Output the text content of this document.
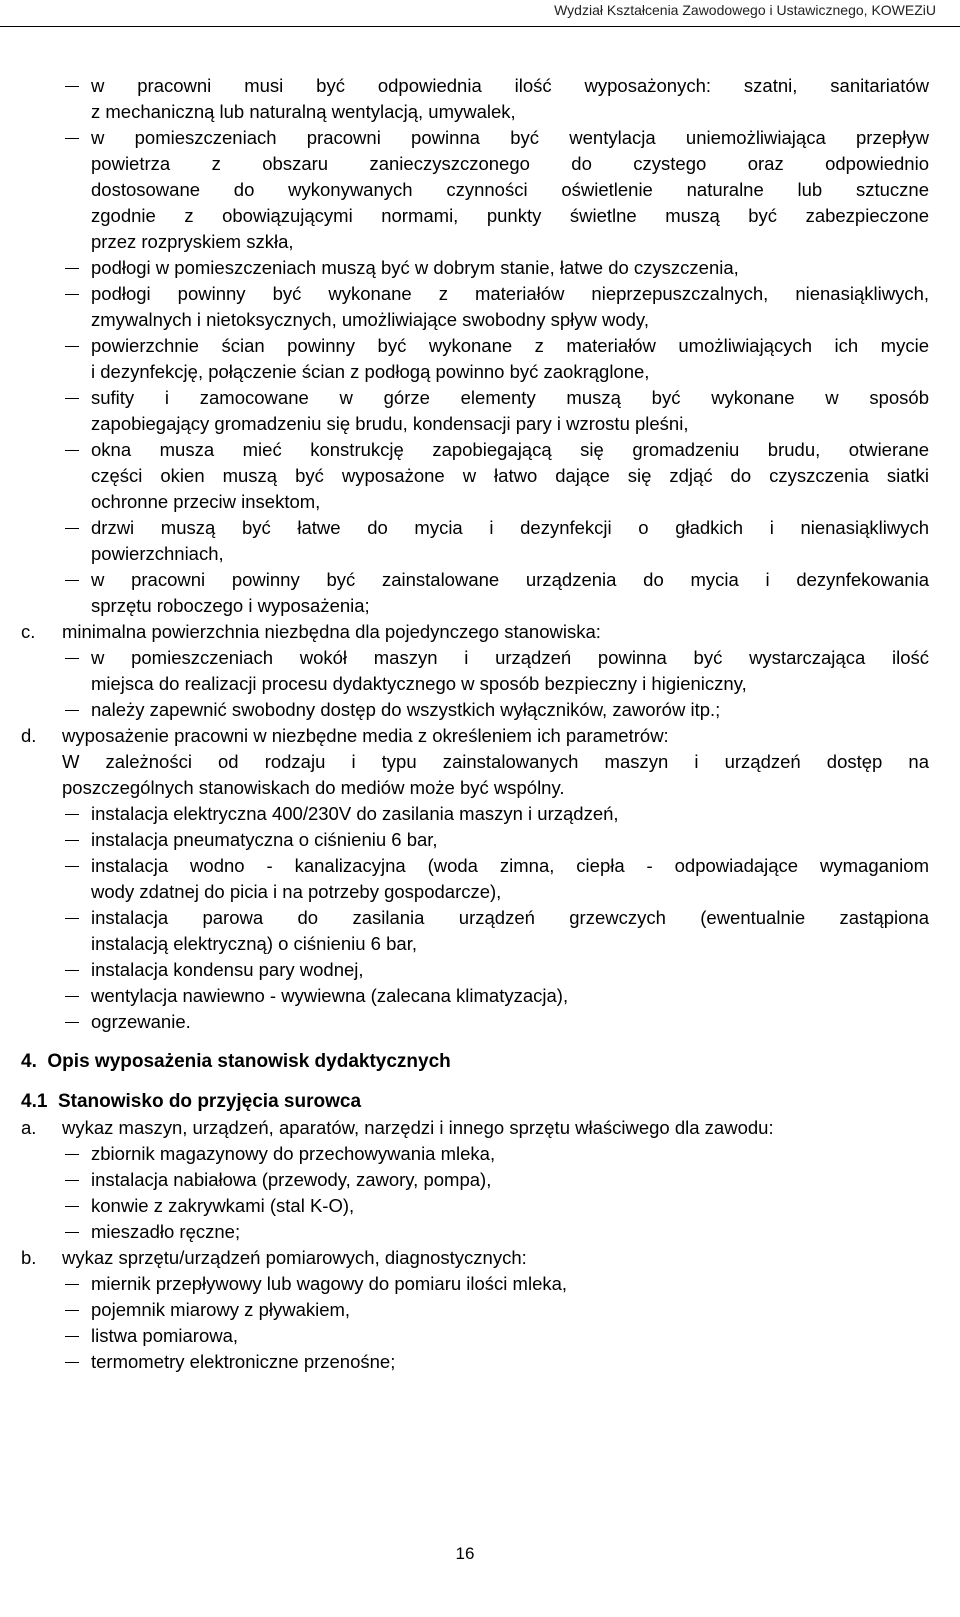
Wydział Kształcenia Zawodowego i Ustawicznego, KOWEZiU
w pracowni musi być odpowiednia ilość wyposażonych: szatni, sanitariatów
z mechaniczną lub naturalną wentylacją, umywalek,
w pomieszczeniach pracowni powinna być wentylacja uniemożliwiająca przepływ
powietrza z obszaru zanieczyszczonego do czystego oraz odpowiednio
dostosowane do wykonywanych czynności oświetlenie naturalne lub sztuczne
zgodnie z obowiązującymi normami, punkty świetlne muszą być zabezpieczone
przez rozpryskiem szkła,
podłogi w pomieszczeniach muszą być w dobrym stanie, łatwe do czyszczenia,
podłogi powinny być wykonane z materiałów nieprzepuszczalnych, nienasiąkliwych,
zmywalnych i nietoksycznych, umożliwiające swobodny spływ wody,
powierzchnie ścian powinny być wykonane z materiałów umożliwiających ich mycie
i dezynfekcję, połączenie ścian z podłogą powinno być zaokrąglone,
sufity i zamocowane w górze elementy muszą być wykonane w sposób
zapobiegający gromadzeniu się brudu, kondensacji pary i wzrostu pleśni,
okna musza mieć konstrukcję zapobiegającą się gromadzeniu brudu, otwierane
części okien muszą być wyposażone w łatwo dające się zdjąć do czyszczenia siatki
ochronne przeciw insektom,
drzwi muszą być łatwe do mycia i dezynfekcji o gładkich i nienasiąkliwych
powierzchniach,
w pracowni powinny być zainstalowane urządzenia do mycia i dezynfekowania
sprzętu roboczego i wyposażenia;
c. minimalna powierzchnia niezbędna dla pojedynczego stanowiska:
w pomieszczeniach wokół maszyn i urządzeń powinna być wystarczająca ilość
miejsca do realizacji procesu dydaktycznego w sposób bezpieczny i higieniczny,
należy zapewnić swobodny dostęp do wszystkich wyłączników, zaworów itp.;
d. wyposażenie pracowni w niezbędne media z określeniem ich parametrów:
W zależności od rodzaju i typu zainstalowanych maszyn i urządzeń dostęp na
poszczególnych stanowiskach do mediów może być wspólny.
instalacja elektryczna 400/230V do zasilania maszyn i urządzeń,
instalacja pneumatyczna o ciśnieniu 6 bar,
instalacja wodno - kanalizacyjna (woda zimna, ciepła - odpowiadające wymaganiom
wody zdatnej do picia i na potrzeby gospodarcze),
instalacja parowa do zasilania urządzeń grzewczych (ewentualnie zastąpiona
instalacją elektryczną) o ciśnieniu 6 bar,
instalacja kondensu pary wodnej,
wentylacja nawiewno - wywiewna (zalecana klimatyzacja),
ogrzewanie.
4.  Opis wyposażenia stanowisk dydaktycznych
4.1  Stanowisko do przyjęcia surowca
a. wykaz maszyn, urządzeń, aparatów, narzędzi i innego sprzętu właściwego dla zawodu:
zbiornik magazynowy do przechowywania mleka,
instalacja nabiałowa (przewody, zawory, pompa),
konwie z zakrywkami (stal K-O),
mieszadło ręczne;
b. wykaz sprzętu/urządzeń pomiarowych, diagnostycznych:
miernik przepływowy lub wagowy do pomiaru ilości mleka,
pojemnik miarowy z pływakiem,
listwa pomiarowa,
termometry elektroniczne przenośne;
16
